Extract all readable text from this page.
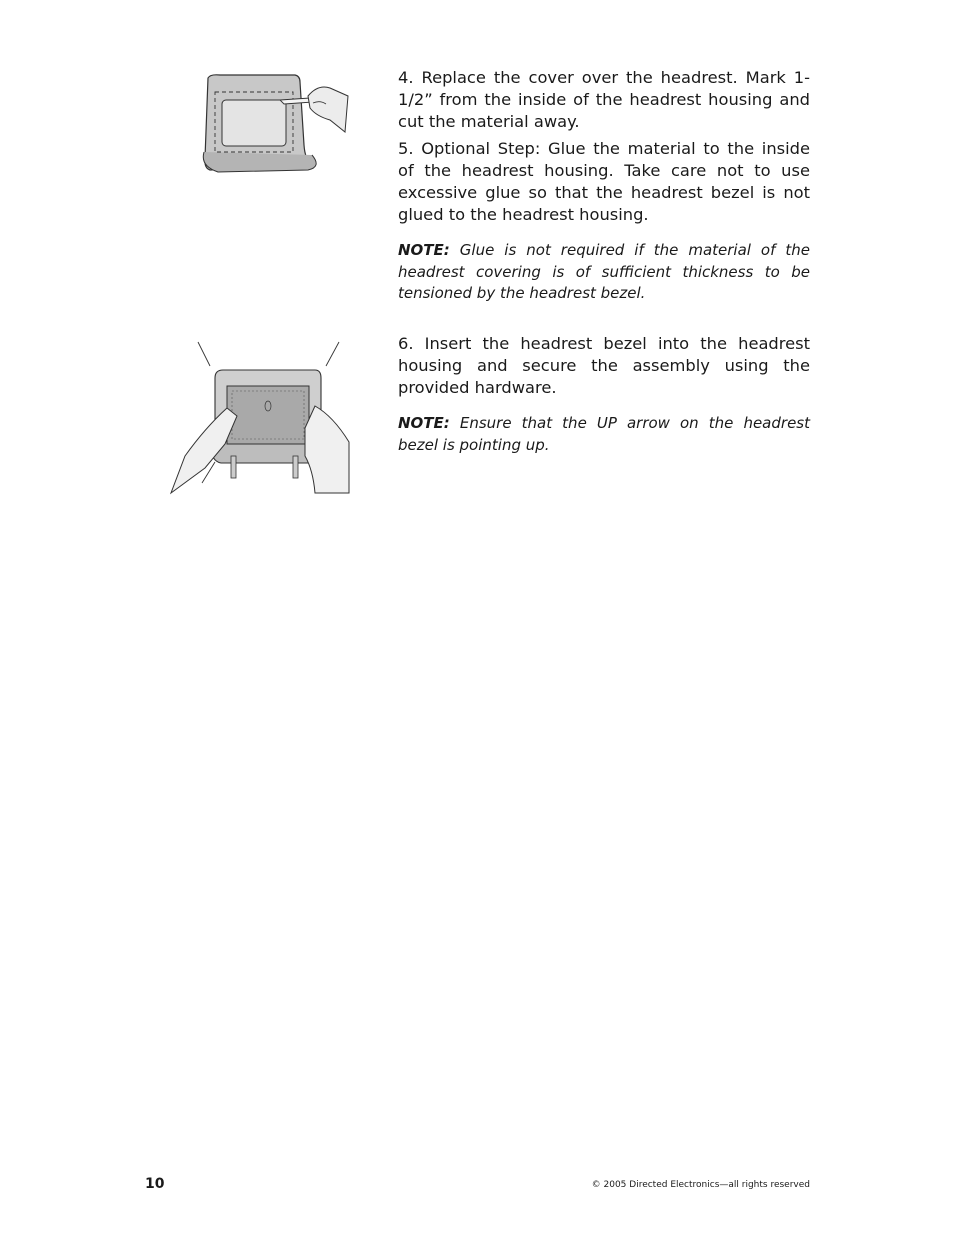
4. Replace the cover over the headrest. Mark 1-1/2” from the inside of the headrest housing and cut the material away.

5. Optional Step: Glue the material to the inside of the headrest housing. Take care not to use excessive glue so that the headrest bezel is not glued to the headrest housing.

NOTE: Glue is not required if the material of the headrest covering is of sufficient thickness to be tensioned by the headrest bezel.

6. Insert the headrest bezel into the headrest housing and secure the assembly using the provided hardware.

NOTE: Ensure that the UP arrow on the headrest bezel is pointing up.

10	© 2005 Directed Electronics—all rights reserved
